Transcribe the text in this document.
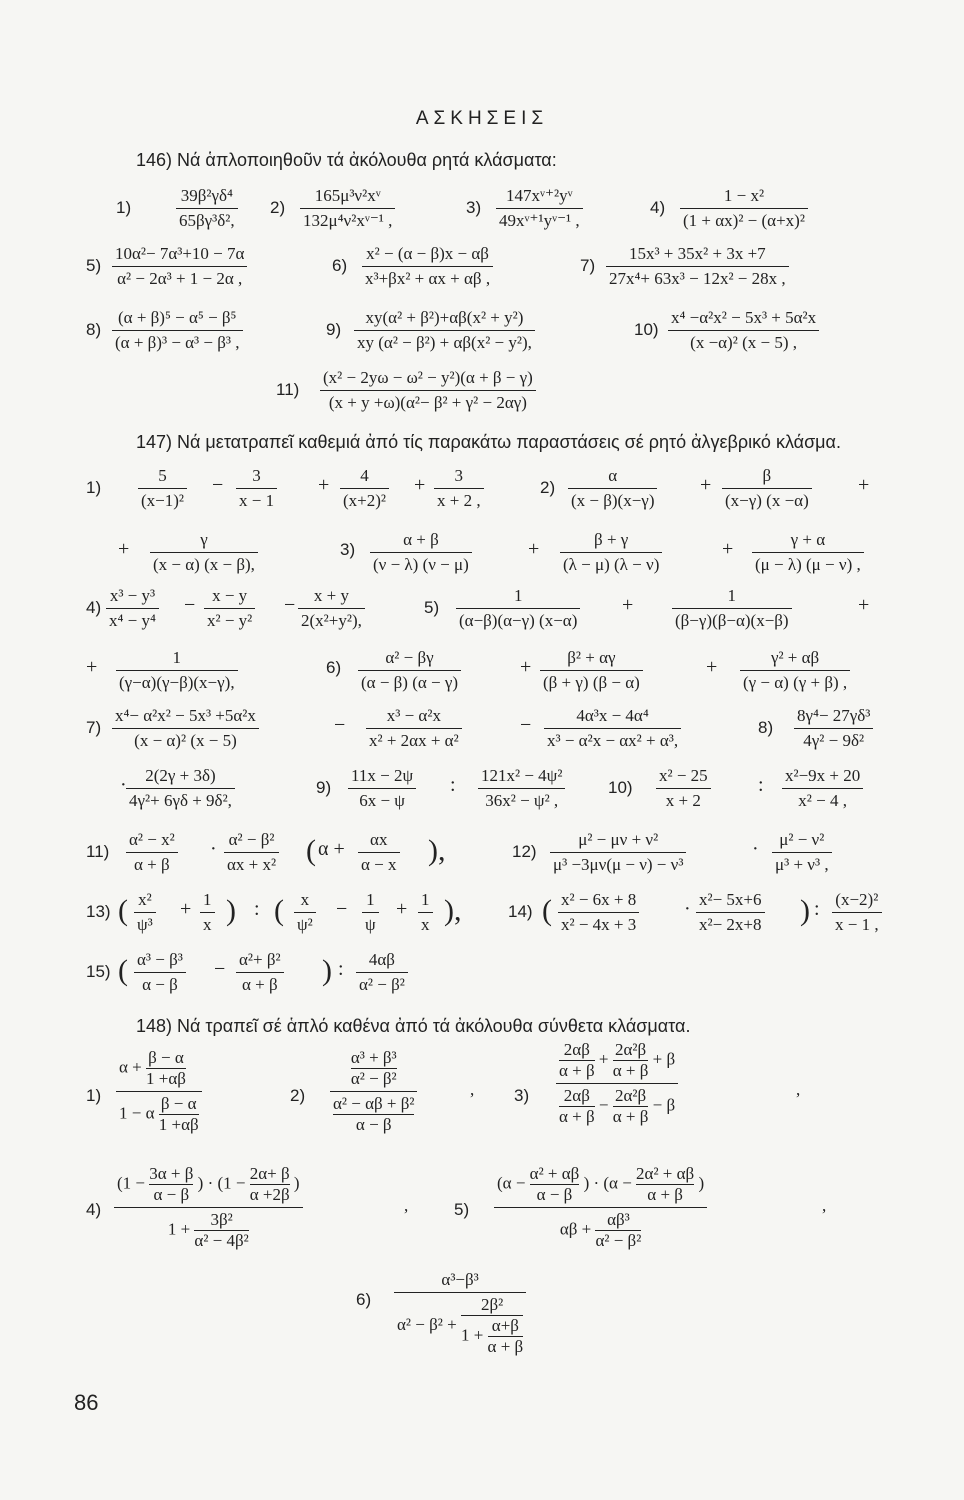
ΑΣΚΗΣΕΙΣ
146) Νά ἁπλοποιηθοῦν τά ἀκόλουθα ρητά κλάσματα:
1)	$\frac{\text{39β²γδ⁴}}{\text{65βγ³δ²,}} 2) \frac{\text{165μ³ν²xᵛ}}{\text{132μ⁴ν²xᵛ⁻¹ ,}}$	$3) \frac{\text{147xᵛ⁺²yᵛ}}{\text{49xᵛ⁺¹yᵛ⁻¹ ,}}$	$4) \frac{\text{1 − x²}}{\text{(1 + αx)² − (α+x)²}}$
$5) \frac{\text{10α²− 7α³+10 − 7α}}{\text{α² − 2α³ + 1 − 2α ,}}$	$6) \frac{\text{x² − (α − β)x − αβ}}{\text{x³+βx² + αx + αβ ,}}$	$7) \frac{\text{15x³ + 35x² + 3x +7}}{\text{27x⁴+ 63x³ − 12x² − 28x ,}}$
$8) \frac{\text{(α + β)⁵ − α⁵ − β⁵}}{\text{(α + β)³ − α³ − β³ ,}}$	$9) \frac{\text{xy(α² + β²)+αβ(x² + y²)}}{\text{xy (α² − β²) + αβ(x² − y²),}}$	$10) \frac{\text{x⁴ −α²x² − 5x³ + 5α²x}}{\text{(x −α)² (x − 5) ,}}$
$11) \frac{\text{(x² − 2yω − ω² − y²)(α + β − γ)}}{\text{(x + y +ω)(α²− β² + γ² − 2αγ)}}$
147) Νά μετατραπεῖ καθεμιά ἀπό τίς παρακάτω παραστάσεις σέ ρητό ἀλγεβρικό κλάσμα.
$1) \frac{5}{\text{(x−1)²}} - \frac{3}{x - 1} + \frac{4}{\text{(x+2)²}} + \frac{3}{x + 2 ,}$	$2) \frac{\alpha}{(x - \beta)(x-\gamma)} + \frac{\beta}{(x-\gamma) (x -\alpha)}$ +
+ $\frac{\gamma}{(x - \alpha) (x - \beta),}$	$3) \frac{\alpha + \beta}{(\nu - \lambda) (\nu - \mu)}$	+ $\frac{\beta + \gamma}{(\lambda - \mu) (\lambda - \nu)}$	+ $\frac{\gamma + \alpha}{(\mu - \lambda) (\mu - \nu) ,}$
$4) \frac{\text{x³ − y³}}{\text{x⁴ − y⁴}} - \frac{x - y}{\text{x² − y²}} - \frac{x + y}{\text{2(x²+y²),}}$	$5) \frac{1}{(\alpha-\beta)(\alpha-\gamma) (x-\alpha)} + \frac{1}{(\beta-\gamma)(\beta-\alpha)(x-\beta)}$	+
+ $\frac{1}{(\gamma-\alpha)(\gamma-\beta)(x-\gamma),}$	$6) \frac{\text{α² − βγ}}{(\alpha - \beta) (\alpha - \gamma)}$	+ $\frac{\text{β² + αγ}}{(\beta + \gamma) (\beta - \alpha)}$	+ $\frac{\text{γ² + αβ}}{(\gamma - \alpha) (\gamma + \beta) ,}$
$7) \frac{\text{x⁴− α²x² − 5x³ +5α²x}}{\text{(x − α)² (x − 5)}}$	− $\frac{\text{x³ − α²x}}{\text{x² + 2αx + α²}}$	− $\frac{\text{4α³x − 4α⁴}}{\text{x³ − α²x − αx² + α³,}}$	$8) \frac{\text{8γ⁴− 27γδ³}}{\text{4γ² − 9δ²}}$
· $\frac{2(2\gamma + 3\delta)}{\text{4γ²+ 6γδ + 9δ²,}}$	$9) \frac{11x - 2\psi}{6x - \psi}$ : $\frac{\text{121x² − 4ψ²}}{\text{36x² − ψ² ,}}$	$10) \frac{\text{x² − 25}}{x + 2}$ : $\frac{\text{x²−9x + 20}}{\text{x² − 4 ,}}$
$11) \frac{\text{α² − x²}}{\alpha + \beta} \cdot \frac{\text{α² − β²}}{\text{αx + x²}}$ ( $\alpha + \frac{\alpha x}{\alpha - x}$ ),	$12) \frac{\text{μ² − μν + ν²}}{\text{μ³ −3μν(μ − ν) − ν³}}$	· $\frac{\text{μ² − ν²}}{\text{μ³ + ν³ ,}}$
13) ( $\frac{\text{x²}}{\text{ψ³}} + \frac{1}{x}$ ) : ( $\frac{x}{\text{ψ²}} - \frac{1}{\psi} + \frac{1}{x}$ ),	14) ( $\frac{\text{x² − 6x + 8}}{\text{x² − 4x + 3}} \cdot \frac{\text{x²− 5x+6}}{\text{x²− 2x+8}}$ ) : $\frac{\text{(x−2)²}}{x - 1 ,}$
15) ( $\frac{\text{α³ − β³}}{\alpha - \beta} - \frac{\text{α²+ β²}}{\alpha + \beta}$ ) : $\frac{4\alpha\beta}{\text{α² − β²}}$
148) Νά τραπεῖ σέ ἁπλό καθένα ἀπό τά ἀκόλουθα σύνθετα κλάσματα.
$1) \frac{\alpha + \frac{\beta - \alpha}{1 +\alpha\beta}}{1 - \alpha \frac{\beta - \alpha}{1 +\alpha\beta}}$	$2) \frac{\frac{\text{α³ + β³}}{\text{α² − β²}}}{\frac{\text{α² − αβ + β²}}{\alpha - \beta}}$	, 3)
$\frac{2\alpha\beta}{\alpha + \beta} + \frac{\text{2α²β}}{\alpha + \beta} + \beta$
$\frac{2\alpha\beta}{\alpha + \beta} - \frac{\text{2α²β}}{\alpha + \beta} - \beta$
,
4)
($1 - \frac{3\alpha + \beta}{\alpha - \beta}$ ) · ($1 - \frac{2\alpha+ \beta}{\alpha +2\beta}$ )
$1 + \frac{\text{3β²}}{\text{α² − 4β²}}$
,	5)
($\alpha - \frac{\text{α² + αβ}}{\alpha - \beta}$ ) · ($\alpha - \frac{\text{2α² + αβ}}{\alpha + \beta}$ )
$\alpha\beta + \frac{\text{αβ³}}{\text{α² − β²}}$
,
6)
α³−β³
$\alpha^2 - \beta^2 + \frac{\text{2β²}}{1 + \frac{\alpha+\beta}{\alpha + \beta}}$
86
